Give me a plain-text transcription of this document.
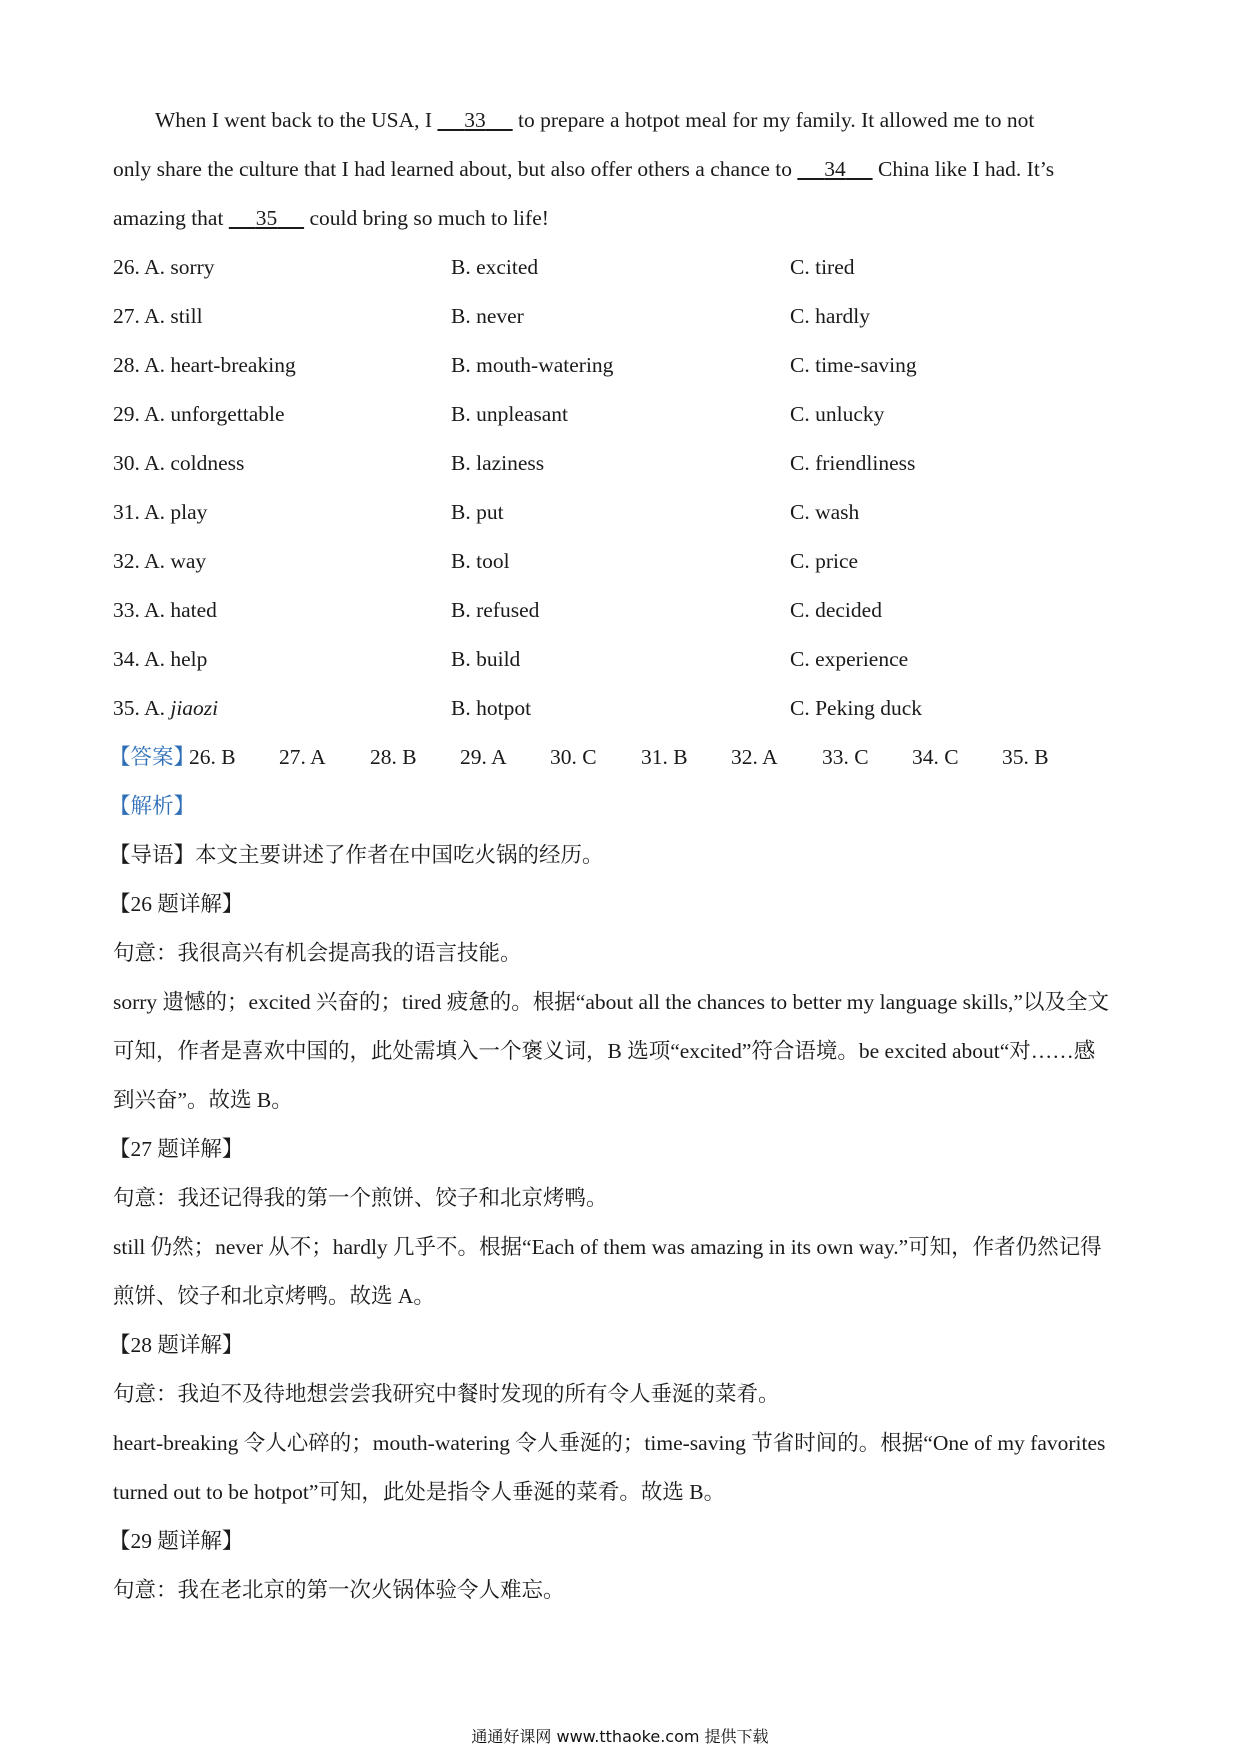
When I went back to the USA, I      33      to prepare a hotpot meal for my family. It allowed me to not
only share the culture that I had learned about, but also offer others a chance to      34      China like I had. It’s
amazing that      35      could bring so much to life!
26. A. sorry	B. excited	C. tired
27. A. still	B. never	C. hardly
28. A. heart-breaking	B. mouth-watering	C. time-saving
29. A. unforgettable	B. unpleasant	C. unlucky
30. A. coldness	B. laziness	C. friendliness
31. A. play	B. put	C. wash
32. A. way	B. tool	C. price
33. A. hated	B. refused	C. decided
34. A. help	B. build	C. experience
35. A. jiaozi	B. hotpot	C. Peking duck
【答案】
26. B 27. A 28. B 29. A 30. C 31. B 32. A 33. C 34. C 35. B
【解析】
【导语】本文主要讲述了作者在中国吃火锅的经历。
【26 题详解】
句意：我很高兴有机会提高我的语言技能。
sorry 遗憾的；excited 兴奋的；tired 疲惫的。根据“about all the chances to better my language skills,”以及全文
可知，作者是喜欢中国的，此处需填入一个褒义词，B 选项“excited”符合语境。be excited about“对……感
到兴奋”。故选 B。
【27 题详解】
句意：我还记得我的第一个煎饼、饺子和北京烤鸭。
still 仍然；never 从不；hardly 几乎不。根据“Each of them was amazing in its own way.”可知，作者仍然记得
煎饼、饺子和北京烤鸭。故选 A。
【28 题详解】
句意：我迫不及待地想尝尝我研究中餐时发现的所有令人垂涎的菜肴。
heart-breaking 令人心碎的；mouth-watering 令人垂涎的；time-saving 节省时间的。根据“One of my favorites
turned out to be hotpot”可知，此处是指令人垂涎的菜肴。故选 B。
【29 题详解】
句意：我在老北京的第一次火锅体验令人难忘。
通通好课网 www.tthaoke.com 提供下载
